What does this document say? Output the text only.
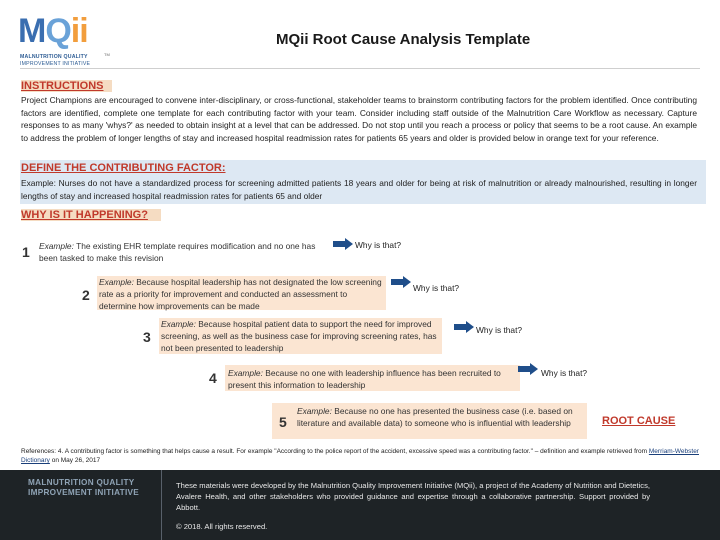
MQii
TM
MALNUTRITION QUALITY
IMPROVEMENT INITIATIVE
MQii Root Cause Analysis Template
INSTRUCTIONS
Project Champions are encouraged to convene inter-disciplinary, or cross-functional, stakeholder teams to brainstorm contributing factors for the problem identified. Once contributing factors are identified, complete one template for each contributing factor with your team. Consider including staff outside of the Malnutrition Care Workflow as necessary. Capture responses to as many 'whys?' as needed to obtain insight at a level that can be addressed. Do not stop until you reach a process or policy that seems to be a root cause. An example to address the problem of longer lengths of stay and increased hospital readmission rates for patients 65 years and older is provided below in orange text for your reference.
DEFINE THE CONTRIBUTING FACTOR:
Example: Nurses do not have a standardized process for screening admitted patients 18 years and older for being at risk of malnutrition or already malnourished, resulting in longer lengths of stay and increased hospital readmission rates for patients 65 and older
WHY IS IT HAPPENING?
1 Example: The existing EHR template requires modification and no one has been tasked to make this revision
Why is that?
2
Example: Because hospital leadership has not designated the low screening rate as a priority for improvement and conducted an assessment to determine how improvements can be made
Why is that?
3
Example: Because hospital patient data to support the need for improved screening, as well as the business case for improving screening rates, has not been presented to leadership
Why is that?
4 Example: Because no one with leadership influence has been recruited to present this information to leadership
Why is that?
5
Example: Because no one has presented the business case (i.e. based on literature and available data) to someone who is influential with leadership	ROOT CAUSE
References: 4. A contributing factor is something that helps cause a result. For example "According to the police report of the accident, excessive speed was a contributing factor." – definition and example retrieved from Merriam-Webster Dictionary on May 26, 2017
MALNUTRITION QUALITY
IMPROVEMENT INITIATIVE
These materials were developed by the Malnutrition Quality Improvement Initiative (MQii), a project of the Academy of Nutrition and Dietetics, Avalere Health, and other stakeholders who provided guidance and expertise through a collaborative partnership. Support provided by Abbott.
© 2018. All rights reserved.
